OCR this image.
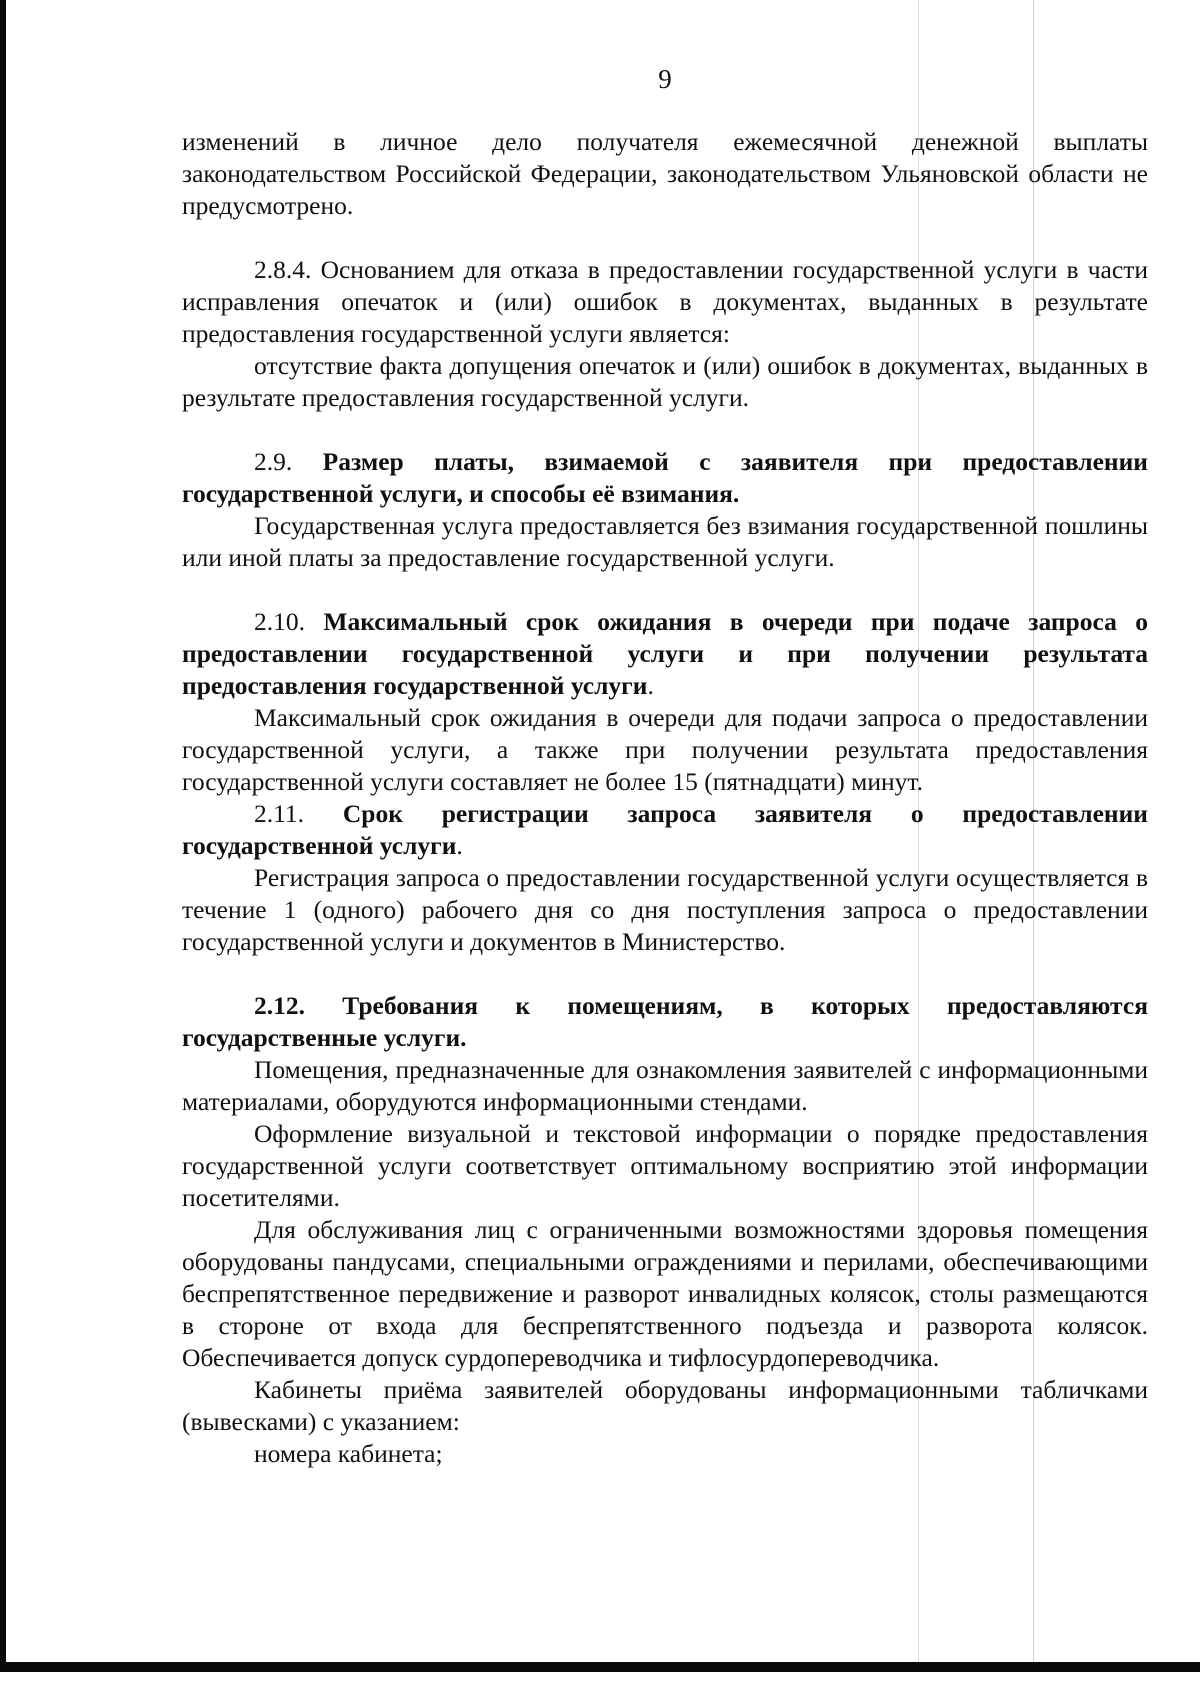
9

изменений в личное дело получателя ежемесячной денежной выплаты законодательством Российской Федерации, законодательством Ульяновской области не предусмотрено.

2.8.4. Основанием для отказа в предоставлении государственной услуги в части исправления опечаток и (или) ошибок в документах, выданных в результате предоставления государственной услуги является:

отсутствие факта допущения опечаток и (или) ошибок в документах, выданных в результате предоставления государственной услуги.

2.9. Размер платы, взимаемой с заявителя при предоставлении государственной услуги, и способы её взимания.

Государственная услуга предоставляется без взимания государственной пошлины или иной платы за предоставление государственной услуги.

2.10. Максимальный срок ожидания в очереди при подаче запроса о предоставлении государственной услуги и при получении результата предоставления государственной услуги.

Максимальный срок ожидания в очереди для подачи запроса о предоставлении государственной услуги, а также при получении результата предоставления государственной услуги составляет не более 15 (пятнадцати) минут.

2.11. Срок регистрации запроса заявителя о предоставлении государственной услуги.

Регистрация запроса о предоставлении государственной услуги осуществляется в течение 1 (одного) рабочего дня со дня поступления запроса о предоставлении государственной услуги и документов в Министерство.

2.12. Требования к помещениям, в которых предоставляются государственные услуги.

Помещения, предназначенные для ознакомления заявителей с информационными материалами, оборудуются информационными стендами.

Оформление визуальной и текстовой информации о порядке предоставления государственной услуги соответствует оптимальному восприятию этой информации посетителями.

Для обслуживания лиц с ограниченными возможностями здоровья помещения оборудованы пандусами, специальными ограждениями и перилами, обеспечивающими беспрепятственное передвижение и разворот инвалидных колясок, столы размещаются в стороне от входа для беспрепятственного подъезда и разворота колясок. Обеспечивается допуск сурдопереводчика и тифлосурдопереводчика.

Кабинеты приёма заявителей оборудованы информационными табличками (вывесками) с указанием:

номера кабинета;
